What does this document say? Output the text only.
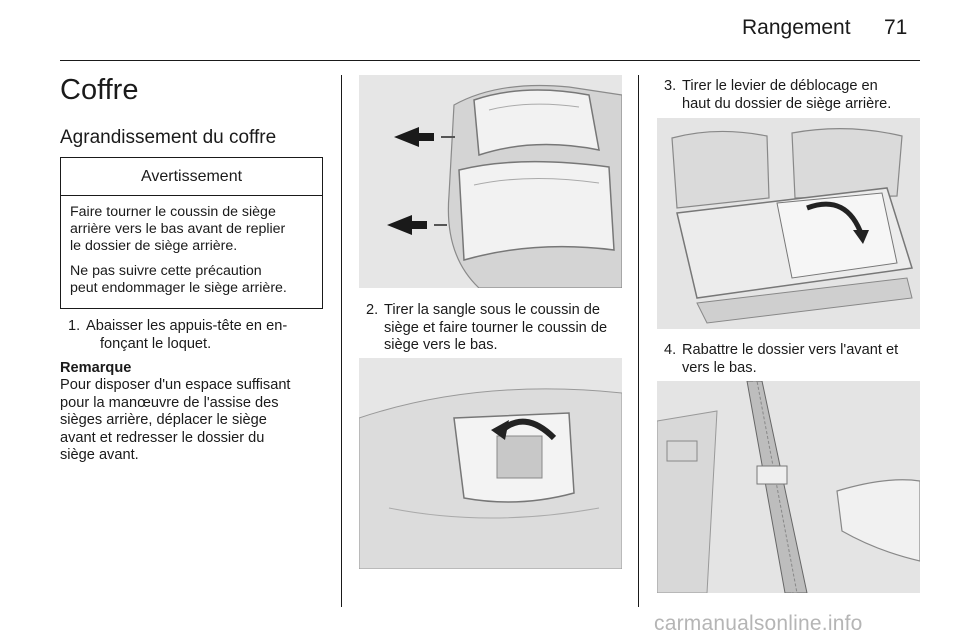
Rangement 71
Coffre
Agrandissement du coffre
Avertissement
Faire tourner le coussin de siège
arrière vers le bas avant de replier
le dossier de siège arrière.
Ne pas suivre cette précaution
peut endommager le siège arrière.
1. Abaisser les appuis-tête en en-
fonçant le loquet.
Remarque
Pour disposer d'un espace suffisant
pour la manœuvre de l'assise des
sièges arrière, déplacer le siège
avant et redresser le dossier du
siège avant.
2. Tirer la sangle sous le coussin de
siège et faire tourner le coussin de
siège vers le bas.
3. Tirer le levier de déblocage en
haut du dossier de siège arrière.
4. Rabattre le dossier vers l'avant et
vers le bas.
carmanualsonline.info
